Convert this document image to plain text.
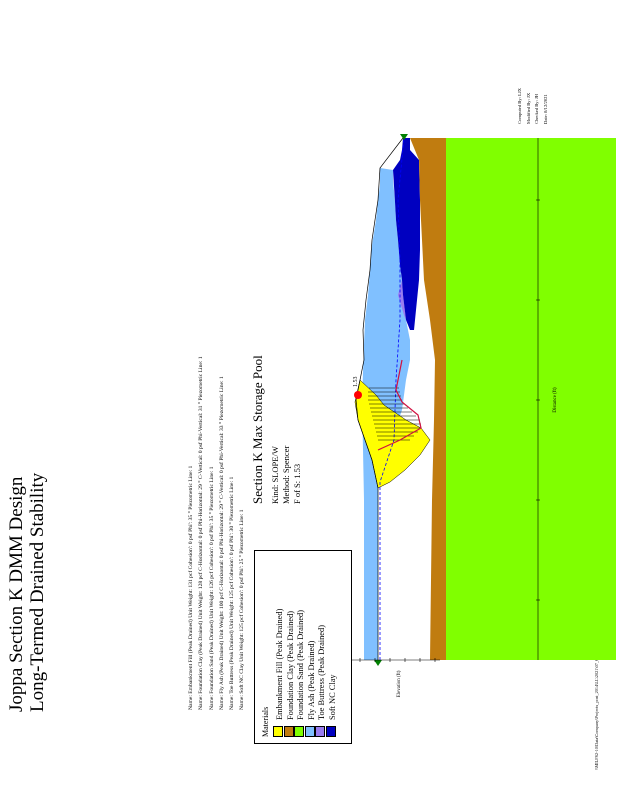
Joppa Section K DMM Design Long-Termed Drained Stability	Name: Embankment Fill (Peak Drained) Unit Weight: 131 pcf Cohesion': 0 psf Phi': 35 ° Piezometric Line: 1 Name: Foundation Clay (Peak Drained) Unit Weight: 128 pcf C-Horizontal: 0 psf Phi-Horizontal: 29 ° C-Vertical: 0 psf Phi-Vertical: 31 ° Piezometric Line: 1 Name: Foundation Sand (Peak Drained) Unit Weight: 126 pcf Cohesion': 0 psf Phi': 35 ° Piezometric Line: 1 Name: Fly Ash (Peak Drained) Unit Weight: 100 pcf C-Horizontal: 0 psf Phi-Horizontal: 29 ° C-Vertical: 0 psf Phi-Vertical: 33 ° Piezometric Line: 1 Name: Toe Buttress (Peak Drained) Unit Weight: 125 pcf Cohesion': 0 psf Phi': 30 ° Piezometric Line: 1 Name: Soft NC Clay Unit Weight: 125 pcf Cohesion': 0 psf Phi': 25 ° Piezometric Line: 1
Materials
Embankment Fill (Peak Drained) Foundation Clay (Peak Drained) Foundation Sand (Peak Drained) Fly Ash (Peak Drained) Toe Buttress (Peak Drained) Soft NC Clay
Section K Max Storage Pool Kind: SLOPE/W Method: Spencer F of S: 1.53
Computed By: LJX Modified By: JX Checked By: JH Date: 8/12/2021
1.53
Distance (ft)
Elevation (ft)
